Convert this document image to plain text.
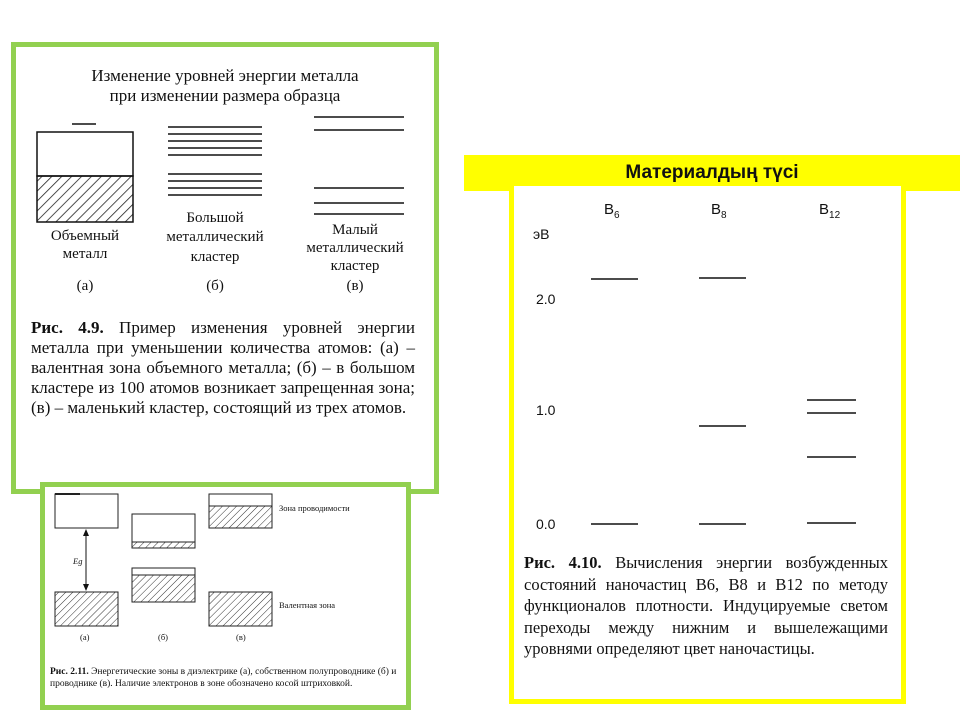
Изменение уровней энергии металла
при изменении размера образца
Объемный
металл
Большой
металлический
кластер
Малый
металлический
кластер
(а)	(б)	(в)
Рис. 4.9. Пример изменения уровней энергии металла при уменьшении количества атомов: (а) – валентная зона объемного металла; (б) – в большом кластере из 100 атомов возникает запрещенная зона; (в) – маленький кластер, состоящий из трех атомов.
Eg
Зона проводимости
Валентная зона
(а)	(б)	(в)
Рис. 2.11. Энергетические зоны в диэлектрике (а), собственном полупроводнике (б) и проводнике (в). Наличие электронов в зоне обозначено косой штриховкой.
Материалдың түсі
$B_6$	$B_8$	$B_{12}$
эВ
2.0
1.0
0.0
Рис. 4.10. Вычисления энергии возбужденных состояний наночастиц B6, B8 и B12 по методу функционалов плотности. Индуцируемые светом переходы между нижним и вышележащими уровнями определяют цвет наночастицы.
